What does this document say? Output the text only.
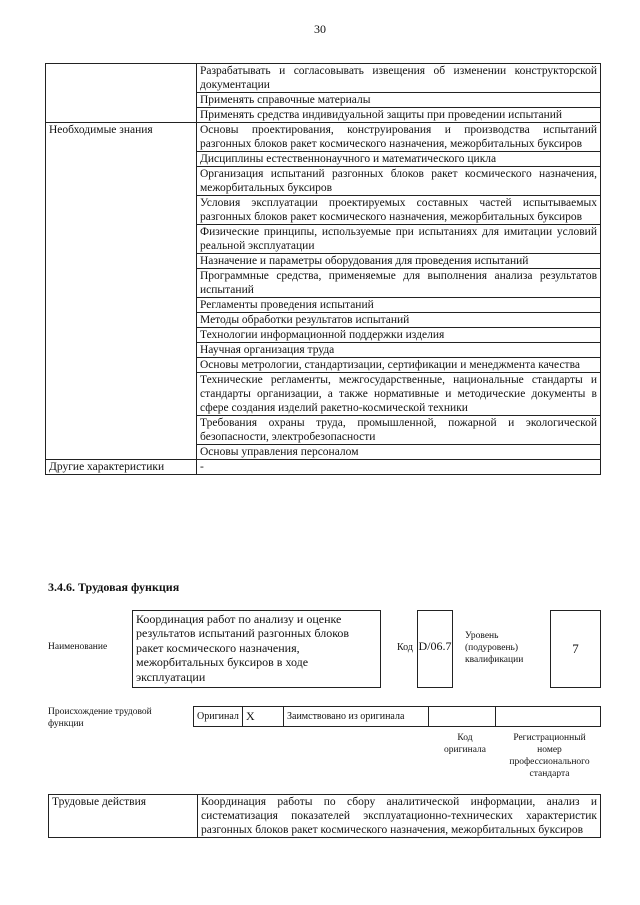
30
	Разрабатывать и согласовывать извещения об изменении конструкторской документации
	Применять справочные материалы
	Применять средства индивидуальной защиты при проведении испытаний
Необходимые знания	Основы проектирования, конструирования и производства испытаний разгонных блоков ракет космического назначения, межорбитальных буксиров
	Дисциплины естественнонаучного и математического цикла
	Организация испытаний разгонных блоков ракет космического назначения, межорбитальных буксиров
	Условия эксплуатации проектируемых составных частей испытываемых разгонных блоков ракет космического назначения, межорбитальных буксиров
	Физические принципы, используемые при испытаниях для имитации условий реальной эксплуатации
	Назначение и параметры оборудования для проведения испытаний
	Программные средства, применяемые для выполнения анализа результатов испытаний
	Регламенты проведения испытаний
	Методы обработки результатов испытаний
	Технологии информационной поддержки изделия
	Научная организация труда
	Основы метрологии, стандартизации, сертификации и менеджмента качества
	Технические регламенты, межгосударственные, национальные стандарты и стандарты организации, а также нормативные и методические документы в сфере создания изделий ракетно-космической техники
	Требования охраны труда, промышленной, пожарной и экологической безопасности, электробезопасности
	Основы управления персоналом
Другие характеристики	-
3.4.6. Трудовая функция
Наименование
Координация работ по анализу и оценке результатов испытаний разгонных блоков ракет космического назначения, межорбитальных буксиров в ходе эксплуатации
Код D/06.7
Уровень
(подуровень)
квалификации
7
Происхождение трудовой
функции
Оригинал	X	Заимствовано из оригинала		
Код
оригинала
Регистрационный
номер
профессионального
стандарта
Трудовые действия	Координация работы по сбору аналитической информации, анализ и систематизация показателей эксплуатационно-технических характеристик разгонных блоков ракет космического назначения, межорбитальных буксиров
